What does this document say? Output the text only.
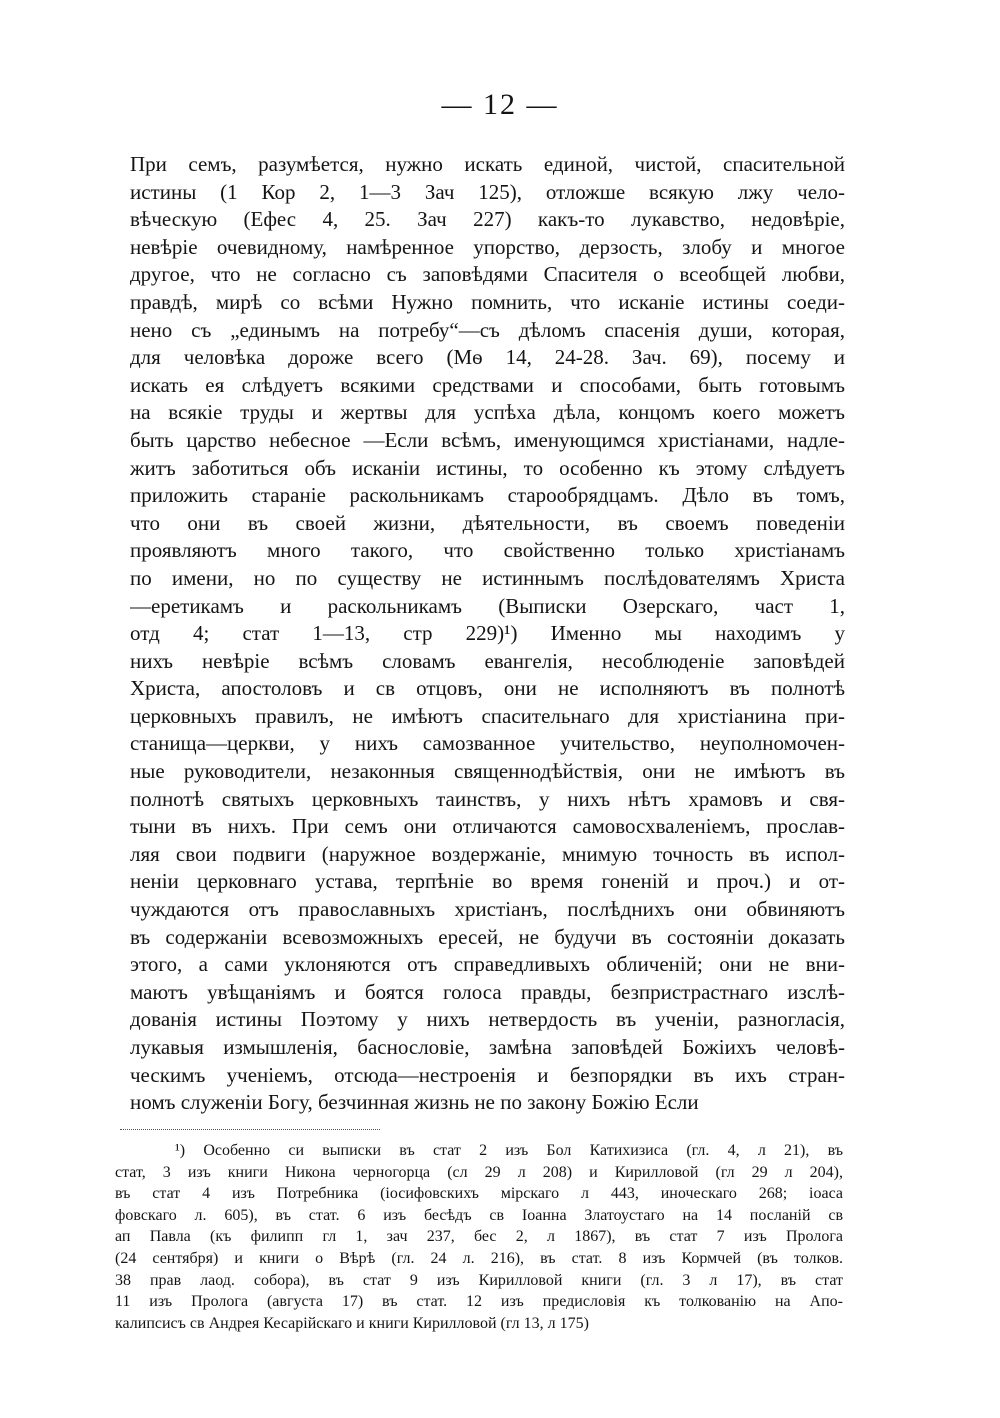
— 12 —
При семъ, разумѣется, нужно искать единой, чистой, спасительной
истины (1 Кор 2, 1—3 Зач 125), отложше всякую лжу чело-
вѣческую (Ефес 4, 25. Зач 227) какъ-то лукавство, недовѣріе,
невѣріе очевидному, намѣренное упорство, дерзость, злобу и многое
другое, что не согласно съ заповѣдями Спасителя о всеобщей любви,
правдѣ, мирѣ со всѣми Нужно помнить, что исканіе истины соеди-
нено съ „единымъ на потребу“—съ дѣломъ спасенія души, которая,
для человѣка дороже всего (Мѳ 14, 24-28. Зач. 69), посему и
искать ея слѣдуетъ всякими средствами и способами, быть готовымъ
на всякіе труды и жертвы для успѣха дѣла, концомъ коего можетъ
быть царство небесное —Если всѣмъ, именующимся христіанами, надле-
житъ заботиться объ исканіи истины, то особенно къ этому слѣдуетъ
приложить стараніе раскольникамъ старообрядцамъ. Дѣло въ томъ,
что они въ своей жизни, дѣятельности, въ своемъ поведеніи
проявляютъ много такого, что свойственно только христіанамъ
по имени, но по существу не истиннымъ послѣдователямъ Христа
—еретикамъ и раскольникамъ (Выписки Озерскаго, част 1,
отд 4; стат 1—13, стр 229)¹) Именно мы находимъ у
нихъ невѣріе всѣмъ словамъ евангелія, несоблюденіе заповѣдей
Христа, апостоловъ и св отцовъ, они не исполняютъ въ полнотѣ
церковныхъ правилъ, не имѣютъ спасительнаго для христіанина при-
станища—церкви, у нихъ самозванное учительство, неуполномочен-
ные руководители, незаконныя священнодѣйствія, они не имѣютъ въ
полнотѣ святыхъ церковныхъ таинствъ, у нихъ нѣтъ храмовъ и свя-
тыни въ нихъ. При семъ они отличаются самовосхваленіемъ, прослав-
ляя свои подвиги (наружное воздержаніе, мнимую точность въ испол-
неніи церковнаго устава, терпѣніе во время гоненій и проч.) и от-
чуждаются отъ православныхъ христіанъ, послѣднихъ они обвиняютъ
въ содержаніи всевозможныхъ ересей, не будучи въ состояніи доказать
этого, а сами уклоняются отъ справедливыхъ обличеній; они не вни-
маютъ увѣщаніямъ и боятся голоса правды, безпристрастнаго изслѣ-
дованія истины Поэтому у нихъ нетвердость въ ученіи, разногласія,
лукавыя измышленія, баснословіе, замѣна заповѣдей Божіихъ человѣ-
ческимъ ученіемъ, отсюда—нестроенія и безпорядки въ ихъ стран-
номъ служеніи Богу, безчинная жизнь не по закону Божію Если
¹) Особенно си выписки въ стат 2 изъ Бол Катихизиса (гл. 4, л 21), въ
стат, 3 изъ книги Никона черногорца (сл 29 л 208) и Кирилловой (гл 29 л 204),
въ стат 4 изъ Потребника (іосифовскихъ мірскаго л 443, иноческаго 268; іоаса
фовскаго л. 605), въ стат. 6 изъ бесѣдъ св Іоанна Златоустаго на 14 посланій св
ап Павла (къ филипп гл 1, зач 237, бес 2, л 1867), въ стат 7 изъ Пролога
(24 сентября) и книги о Вѣрѣ (гл. 24 л. 216), въ стат. 8 изъ Кормчей (въ толков.
38 прав лаод. собора), въ стат 9 изъ Кирилловой книги (гл. 3 л 17), въ стат
11 изъ Пролога (августа 17) въ стат. 12 изъ предисловія къ толкованію на Апо-
калипсисъ св Андрея Кесарійскаго и книги Кирилловой (гл 13, л 175)
